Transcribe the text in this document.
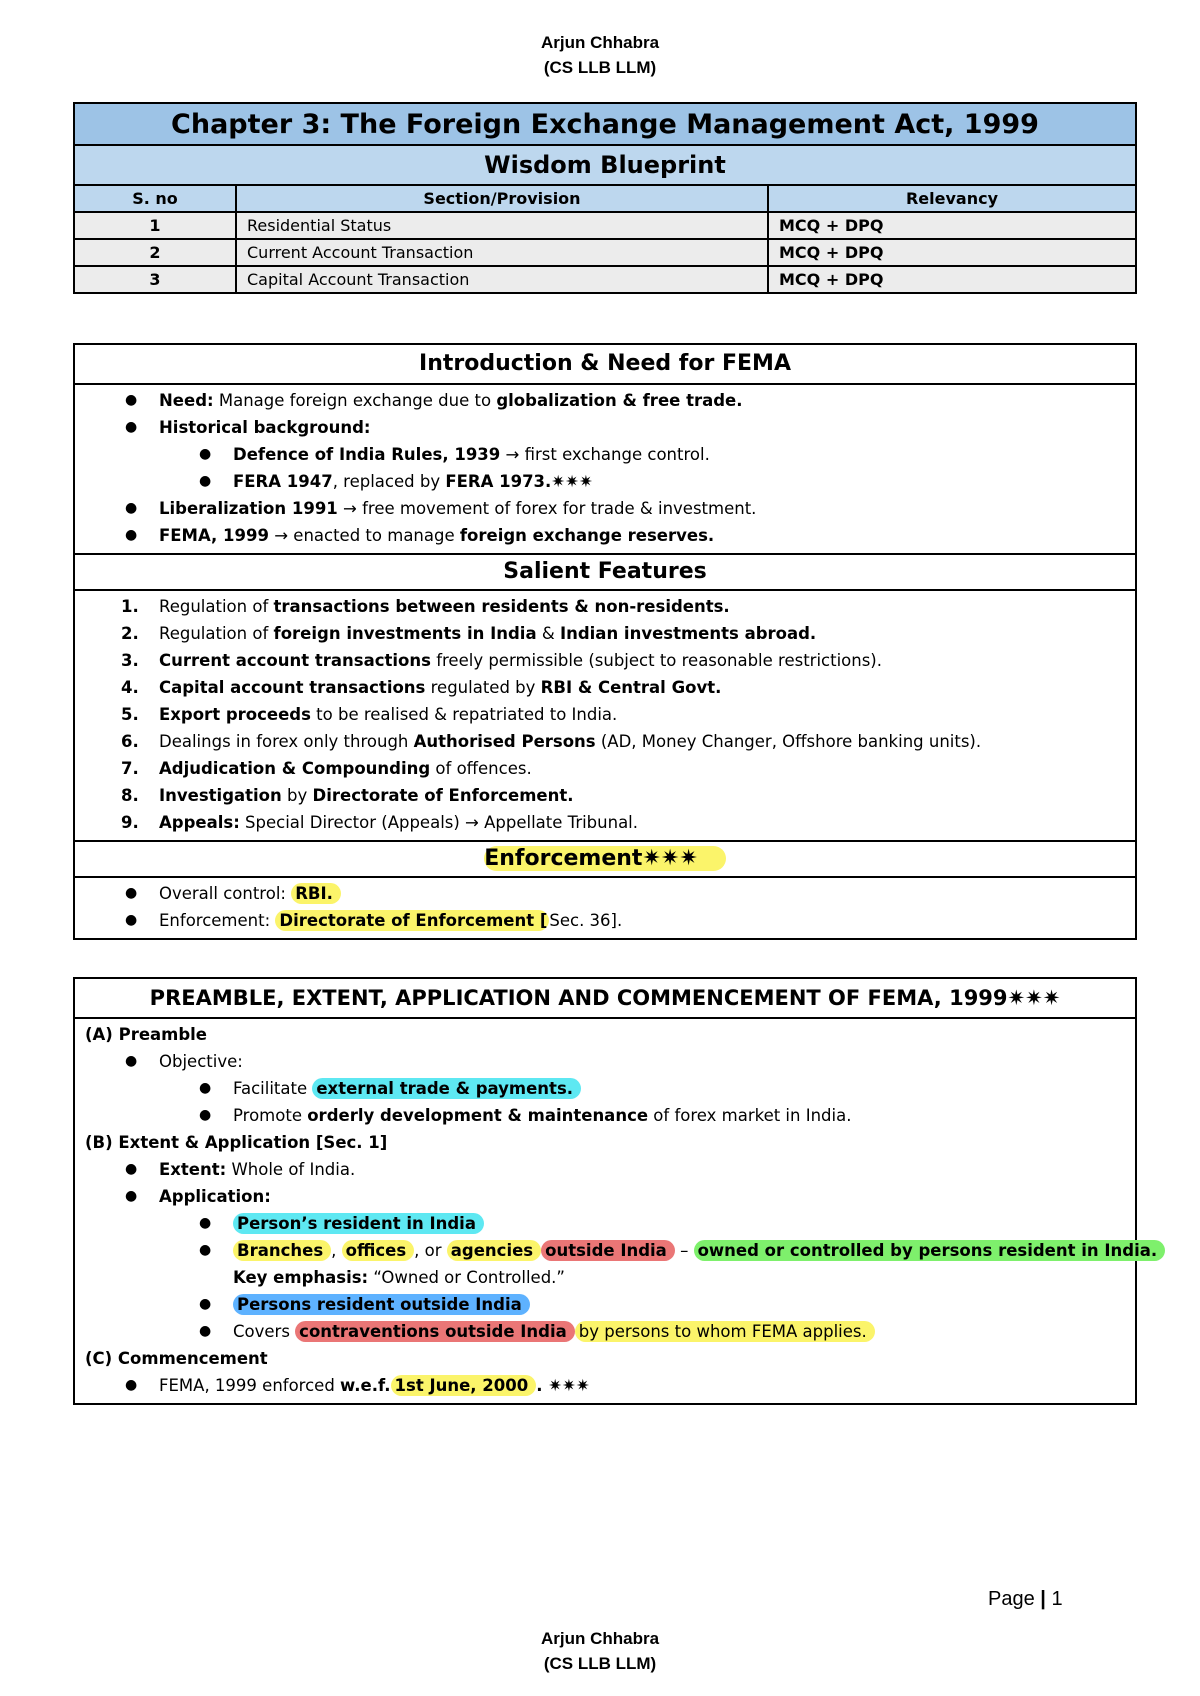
Arjun Chhabra
(CS LLB LLM)
Chapter 3: The Foreign Exchange Management Act, 1999		
Wisdom Blueprint		
S. no	Section/Provision	Relevancy
1	Residential Status	MCQ + DPQ
2	Current Account Transaction	MCQ + DPQ
3	Capital Account Transaction	MCQ + DPQ
Introduction & Need for FEMA
● Need: Manage foreign exchange due to globalization & free trade.
● Historical background:
● Defence of India Rules, 1939 → first exchange control.
● FERA 1947, replaced by FERA 1973.✷✷✷
● Liberalization 1991 → free movement of forex for trade & investment.
● FEMA, 1999 → enacted to manage foreign exchange reserves.
Salient Features
1. Regulation of transactions between residents & non-residents.
2. Regulation of foreign investments in India & Indian investments abroad.
3. Current account transactions freely permissible (subject to reasonable restrictions).
4. Capital account transactions regulated by RBI & Central Govt.
5. Export proceeds to be realised & repatriated to India.
6. Dealings in forex only through Authorised Persons (AD, Money Changer, Offshore banking units).
7. Adjudication & Compounding of offences.
8. Investigation by Directorate of Enforcement.
9. Appeals: Special Director (Appeals) → Appellate Tribunal.
Enforcement✷✷✷
● Overall control: RBI.
● Enforcement: Directorate of Enforcement [ Sec. 36].
PREAMBLE, EXTENT, APPLICATION AND COMMENCEMENT OF FEMA, 1999✷✷✷
(A) Preamble
● Objective:
● Facilitate external trade & payments.
● Promote orderly development & maintenance of forex market in India.
(B) Extent & Application [Sec. 1]
● Extent: Whole of India.
● Application:
● Person’s resident in India
● Branches , offices , or agencies outside India – owned or controlled by persons resident in India.
Key emphasis: “Owned or Controlled.”
● Persons resident outside India
● Covers contraventions outside India by persons to whom FEMA applies.
(C) Commencement
● FEMA, 1999 enforced w.e.f. 1st June, 2000 . ✷✷✷
Page | 1
Arjun Chhabra
(CS LLB LLM)
